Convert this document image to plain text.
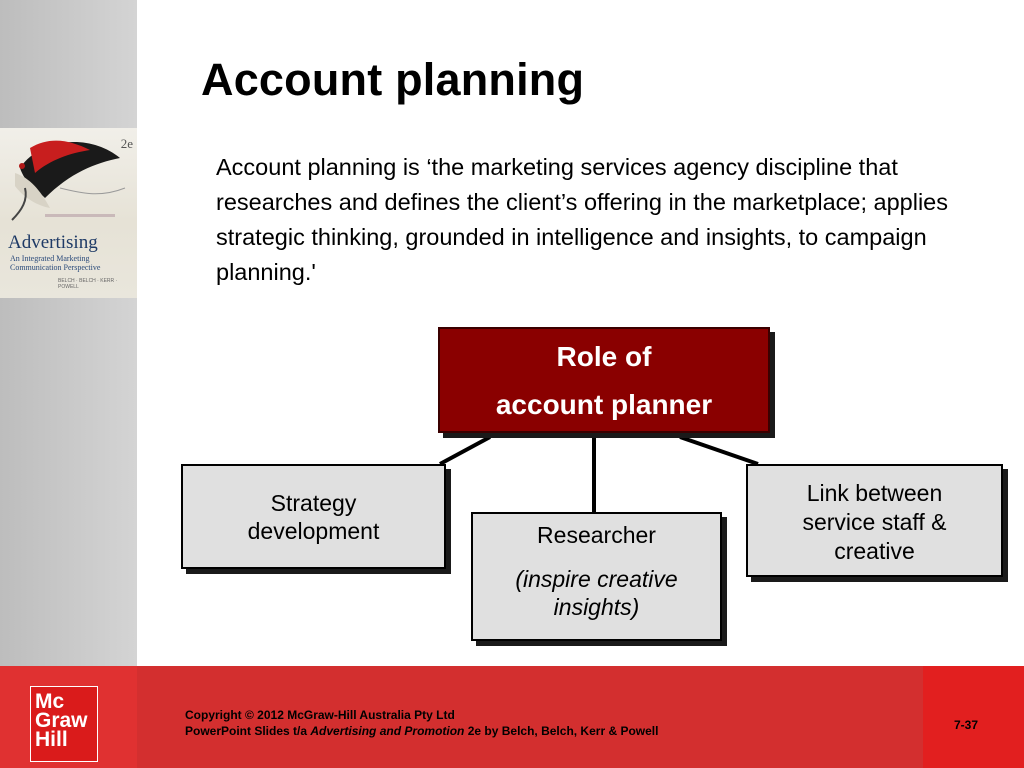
2e
Advertising
An Integrated Marketing Communication Perspective
BELCH · BELCH · KERR · POWELL
Account planning

Account planning is ‘the marketing services agency discipline that researches and defines the client’s offering in the marketplace; applies strategic thinking, grounded in intelligence and insights, to campaign planning.'

Role of
account planner
Strategy
development	Researcher
(inspire creative insights)
Link between
service staff &
creative
Mc
Graw
Hill
Copyright © 2012 McGraw-Hill Australia Pty Ltd
PowerPoint Slides t/a Advertising and Promotion 2e by Belch, Belch, Kerr & Powell	7-37
